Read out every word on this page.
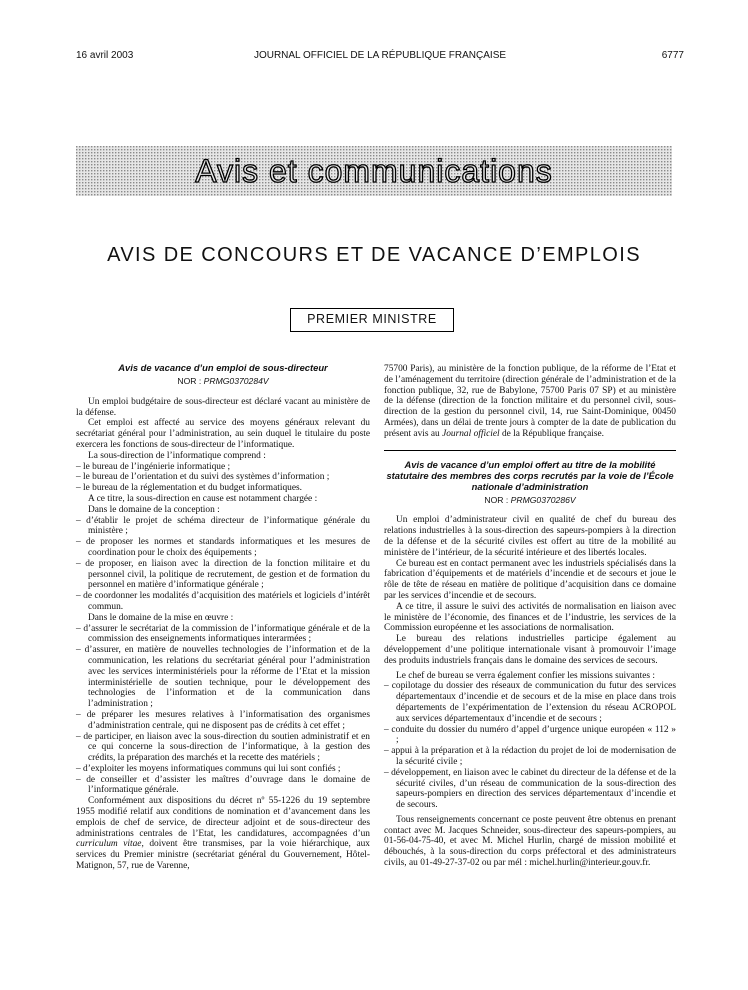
16 avril 2003	JOURNAL OFFICIEL DE LA RÉPUBLIQUE FRANÇAISE	6777
Avis et communications
AVIS DE CONCOURS ET DE VACANCE D’EMPLOIS
PREMIER MINISTRE

Avis de vacance d’un emploi de sous-directeur

NOR : PRMG0370284V

Un emploi budgétaire de sous-directeur est déclaré vacant au ministère de la défense.

Cet emploi est affecté au service des moyens généraux relevant du secrétariat général pour l’administration, au sein duquel le titulaire du poste exercera les fonctions de sous-directeur de l’informatique.

La sous-direction de l’informatique comprend :

– le bureau de l’ingénierie informatique ;

– le bureau de l’orientation et du suivi des systèmes d’information ;

– le bureau de la réglementation et du budget informatiques.

A ce titre, la sous-direction en cause est notamment chargée :

Dans le domaine de la conception :

– d’établir le projet de schéma directeur de l’informatique générale du ministère ;

– de proposer les normes et standards informatiques et les mesures de coordination pour le choix des équipements ;

– de proposer, en liaison avec la direction de la fonction militaire et du personnel civil, la politique de recrutement, de gestion et de formation du personnel en matière d’informatique générale ;

– de coordonner les modalités d’acquisition des matériels et logiciels d’intérêt commun.

Dans le domaine de la mise en œuvre :

– d’assurer le secrétariat de la commission de l’informatique générale et de la commission des enseignements informatiques interarmées ;

– d’assurer, en matière de nouvelles technologies de l’information et de la communication, les relations du secrétariat général pour l’administration avec les services interministériels pour la réforme de l’Etat et la mission interministérielle de soutien technique, pour le développement des technologies de l’information et de la communication dans l’administration ;

– de préparer les mesures relatives à l’informatisation des organismes d’administration centrale, qui ne disposent pas de crédits à cet effet ;

– de participer, en liaison avec la sous-direction du soutien administratif et en ce qui concerne la sous-direction de l’informatique, à la gestion des crédits, la préparation des marchés et la recette des matériels ;

– d’exploiter les moyens informatiques communs qui lui sont confiés ;

– de conseiller et d’assister les maîtres d’ouvrage dans le domaine de l’informatique générale.

Conformément aux dispositions du décret nº 55-1226 du 19 septembre 1955 modifié relatif aux conditions de nomination et d’avancement dans les emplois de chef de service, de directeur adjoint et de sous-directeur des administrations centrales de l’Etat, les candidatures, accompagnées d’un curriculum vitae, doivent être transmises, par la voie hiérarchique, aux services du Premier ministre (secrétariat général du Gouvernement, Hôtel-Matignon, 57, rue de Varenne,

75700 Paris), au ministère de la fonction publique, de la réforme de l’Etat et de l’aménagement du territoire (direction générale de l’administration et de la fonction publique, 32, rue de Babylone, 75700 Paris 07 SP) et au ministère de la défense (direction de la fonction militaire et du personnel civil, sous-direction de la gestion du personnel civil, 14, rue Saint-Dominique, 00450 Armées), dans un délai de trente jours à compter de la date de publication du présent avis au Journal officiel de la République française.

Avis de vacance d’un emploi offert au titre de la mobilité statutaire des membres des corps recrutés par la voie de l’École nationale d’administration

NOR : PRMG0370286V

Un emploi d’administrateur civil en qualité de chef du bureau des relations industrielles à la sous-direction des sapeurs-pompiers à la direction de la défense et de la sécurité civiles est offert au titre de la mobilité au ministère de l’intérieur, de la sécurité intérieure et des libertés locales.

Ce bureau est en contact permanent avec les industriels spécialisés dans la fabrication d’équipements et de matériels d’incendie et de secours et joue le rôle de tête de réseau en matière de politique d’acquisition dans ce domaine par les services d’incendie et de secours.

A ce titre, il assure le suivi des activités de normalisation en liaison avec le ministère de l’économie, des finances et de l’industrie, les services de la Commission européenne et les associations de normalisation.

Le bureau des relations industrielles participe également au développement d’une politique internationale visant à promouvoir l’image des produits industriels français dans le domaine des services de secours.

Le chef de bureau se verra également confier les missions suivantes :

– copilotage du dossier des réseaux de communication du futur des services départementaux d’incendie et de secours et de la mise en place dans trois départements de l’expérimentation de l’extension du réseau ACROPOL aux services départementaux d’incendie et de secours ;

– conduite du dossier du numéro d’appel d’urgence unique européen « 112 » ;

– appui à la préparation et à la rédaction du projet de loi de modernisation de la sécurité civile ;

– développement, en liaison avec le cabinet du directeur de la défense et de la sécurité civiles, d’un réseau de communication de la sous-direction des sapeurs-pompiers en direction des services départementaux d’incendie et de secours.

Tous renseignements concernant ce poste peuvent être obtenus en prenant contact avec M. Jacques Schneider, sous-directeur des sapeurs-pompiers, au 01-56-04-75-40, et avec M. Michel Hurlin, chargé de mission mobilité et débouchés, à la sous-direction du corps préfectoral et des administrateurs civils, au 01-49-27-37-02 ou par mél : michel.hurlin@interieur.gouv.fr.
